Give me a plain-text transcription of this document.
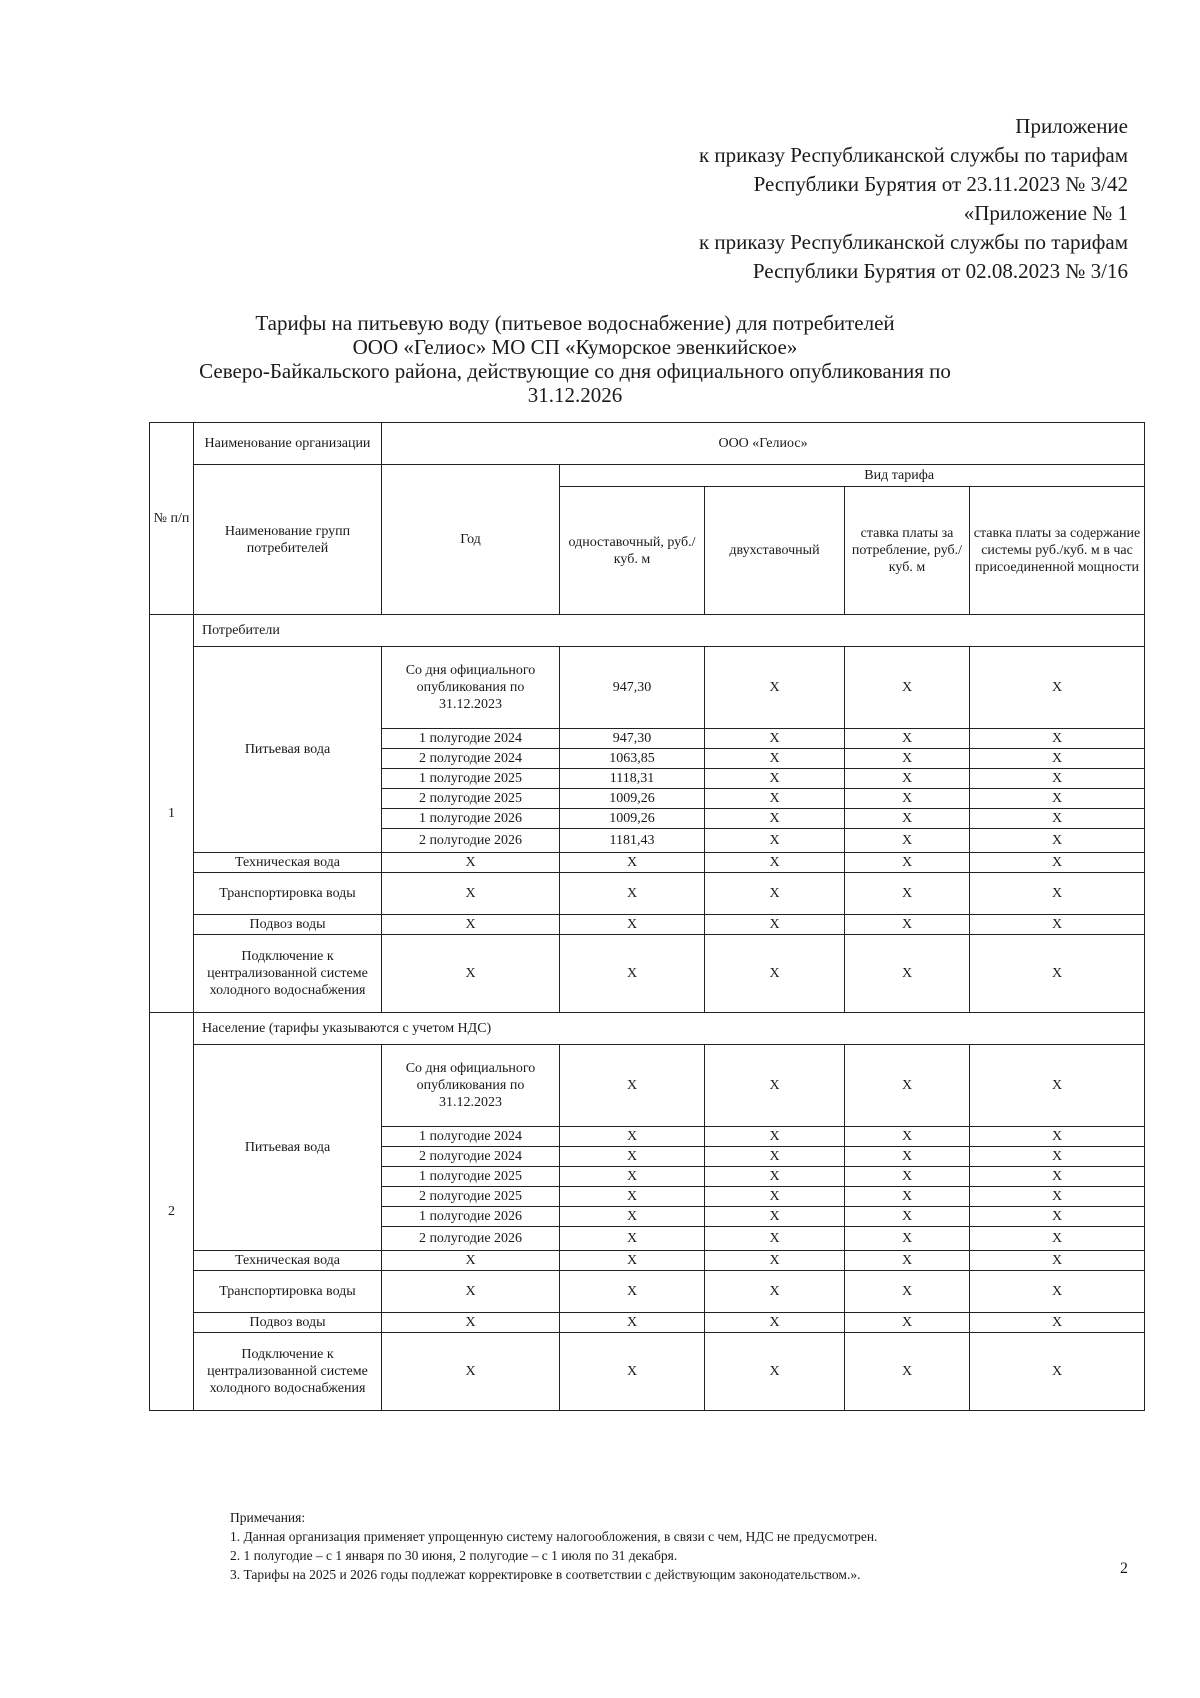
Приложение
к приказу Республиканской службы по тарифам
Республики Бурятия от 23.11.2023 № 3/42
«Приложение № 1
к приказу Республиканской службы по тарифам
Республики Бурятия от 02.08.2023 № 3/16
Тарифы на питьевую воду (питьевое водоснабжение) для потребителей
ООО «Гелиос» МО СП «Куморское эвенкийское»
Северо-Байкальского района, действующие со дня официального опубликования по
31.12.2026
№ п/п	Наименование организации	ООО «Гелиос»				
	Наименование групп потребителей	Год	Вид тарифа			
			одноставочный, руб./ куб. м	двухставочный	ставка платы за потребление, руб./ куб. м	ставка платы за содержание системы руб./куб. м в час присоединенной мощности
1	Потребители					
	Питьевая вода	Со дня официального опубликования по 31.12.2023	947,30	X	X	X
		1 полугодие 2024	947,30	X	X	X
		2 полугодие 2024	1063,85	X	X	X
		1 полугодие 2025	1118,31	X	X	X
		2 полугодие 2025	1009,26	X	X	X
		1 полугодие 2026	1009,26	X	X	X
		2 полугодие 2026	1181,43	X	X	X
	Техническая вода	X	X	X	X	X
	Транспортировка воды	X	X	X	X	X
	Подвоз воды	X	X	X	X	X
	Подключение к централизованной системе холодного водоснабжения	X	X	X	X	X
2	Население (тарифы указываются с учетом НДС)					
	Питьевая вода	Со дня официального опубликования по 31.12.2023	X	X	X	X
		1 полугодие 2024	X	X	X	X
		2 полугодие 2024	X	X	X	X
		1 полугодие 2025	X	X	X	X
		2 полугодие 2025	X	X	X	X
		1 полугодие 2026	X	X	X	X
		2 полугодие 2026	X	X	X	X
	Техническая вода	X	X	X	X	X
	Транспортировка воды	X	X	X	X	X
	Подвоз воды	X	X	X	X	X
	Подключение к централизованной системе холодного водоснабжения	X	X	X	X	X
Примечания:
1. Данная организация применяет упрощенную систему налогообложения, в связи с чем, НДС не предусмотрен.
2. 1 полугодие – с 1 января по 30 июня, 2 полугодие – с 1 июля по 31 декабря.
3. Тарифы на 2025 и 2026 годы подлежат корректировке в соответствии с действующим законодательством.».	2
